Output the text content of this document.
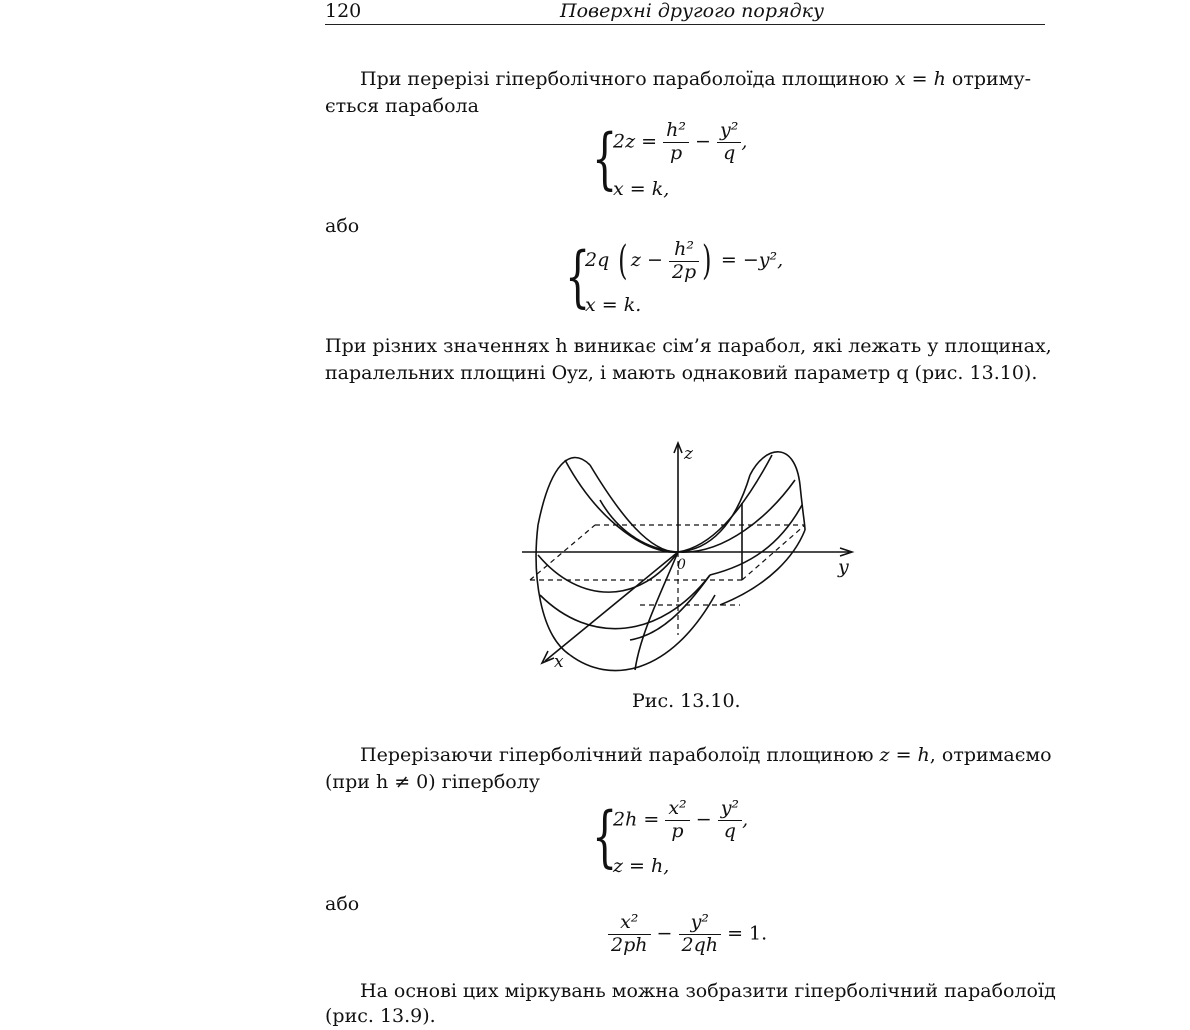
120	Поверхні другого порядку
При перерізі гіперболічного параболоїда площиною x = h отриму-
ється парабола
{
$2z = \frac{\text{h²}}{p} - \frac{\text{y²}}{q}$ ,
x = k,
або
{
2q ( $z - \frac{\text{h²}}{2p}$ ) = −y²,
x = k.
При різних значеннях h виникає сім’я парабол, які лежать у площинах,
паралельних площині Oyz, і мають однаковий параметр q (рис. 13.10).
z
y
x
0
Рис. 13.10.
Перерізаючи гіперболічний параболоїд площиною z = h, отримаємо
(при h ≠ 0) гіперболу
{
$2h = \frac{\text{x²}}{p} - \frac{\text{y²}}{q}$ ,
z = h,
або
$\frac{\text{x²}}{2ph} - \frac{\text{y²}}{2qh} = 1$.
На основі цих міркувань можна зобразити гіперболічний параболоїд
(рис. 13.9).
